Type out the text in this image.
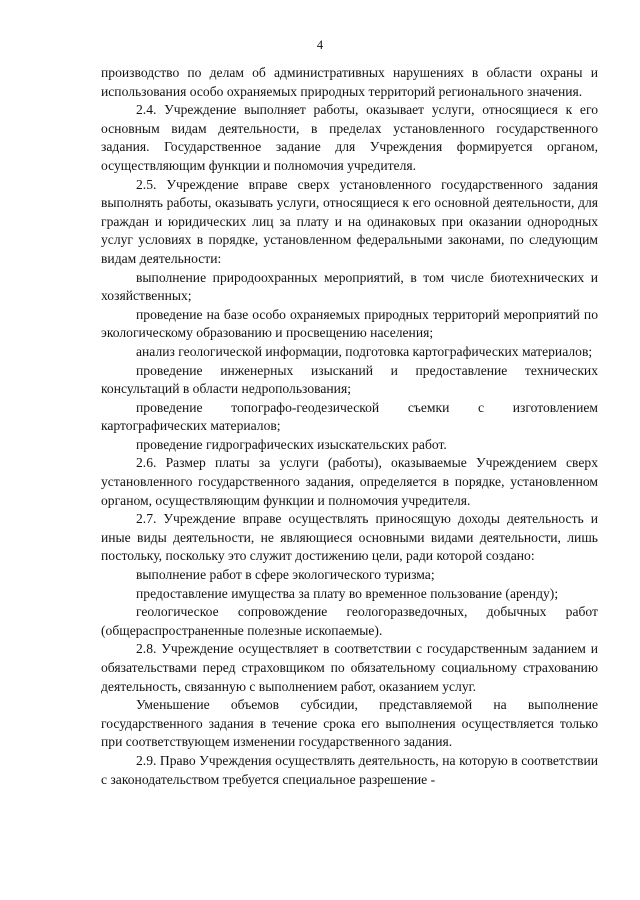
4

производство по делам об административных нарушениях в области охраны и использования особо охраняемых природных территорий регионального значения.

2.4. Учреждение выполняет работы, оказывает услуги, относящиеся к его основным видам деятельности, в пределах установленного государственного задания. Государственное задание для Учреждения формируется органом, осуществляющим функции и полномочия учредителя.

2.5. Учреждение вправе сверх установленного государственного задания выполнять работы, оказывать услуги, относящиеся к его основной деятельности, для граждан и юридических лиц за плату и на одинаковых при оказании однородных услуг условиях в порядке, установленном федеральными законами, по следующим видам деятельности:

выполнение природоохранных мероприятий, в том числе биотехнических и хозяйственных;

проведение на базе особо охраняемых природных территорий мероприятий по экологическому образованию и просвещению населения;

анализ геологической информации, подготовка картографических материалов;

проведение инженерных изысканий и предоставление технических консультаций в области недропользования;

проведение топографо-геодезической съемки с изготовлением картографических материалов;

проведение гидрографических изыскательских работ.

2.6. Размер платы за услуги (работы), оказываемые Учреждением сверх установленного государственного задания, определяется в порядке, установленном органом, осуществляющим функции и полномочия учредителя.

2.7. Учреждение вправе осуществлять приносящую доходы деятельность и иные виды деятельности, не являющиеся основными видами деятельности, лишь постольку, поскольку это служит достижению цели, ради которой создано:

выполнение работ в сфере экологического туризма;

предоставление имущества за плату во временное пользование (аренду);

геологическое сопровождение геологоразведочных, добычных работ (общераспространенные полезные ископаемые).

2.8. Учреждение осуществляет в соответствии с государственным заданием и обязательствами перед страховщиком по обязательному социальному страхованию деятельность, связанную с выполнением работ, оказанием услуг.

Уменьшение объемов субсидии, представляемой на выполнение государственного задания в течение срока его выполнения осуществляется только при соответствующем изменении государственного задания.

2.9. Право Учреждения осуществлять деятельность, на которую в соответствии с законодательством требуется специальное разрешение -
